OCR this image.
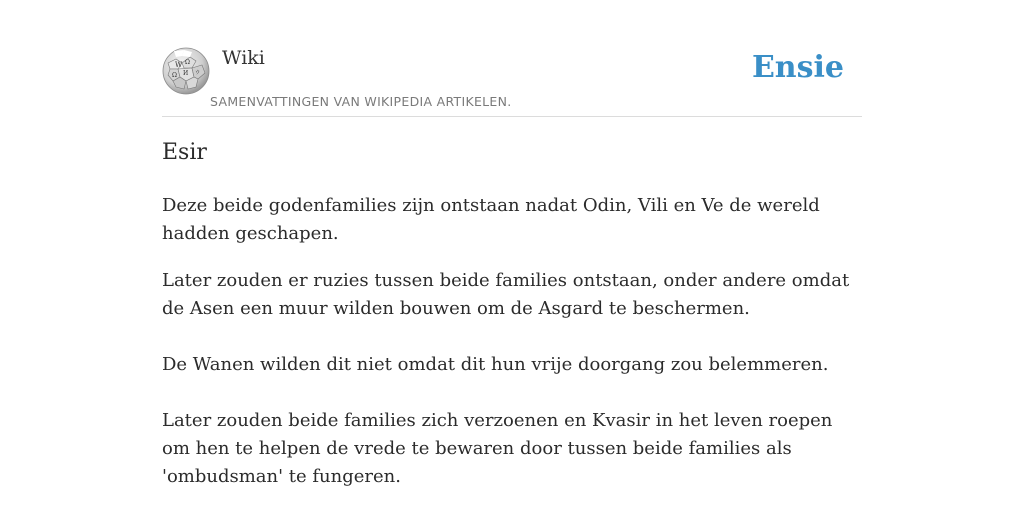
W Ω
И
Ω	ウ
Wiki
SAMENVATTINGEN VAN WIKIPEDIA ARTIKELEN.
Ensie
Esir

Deze beide godenfamilies zijn ontstaan nadat Odin, Vili en Ve de wereld hadden geschapen.

Later zouden er ruzies tussen beide families ontstaan, onder andere omdat de Asen een muur wilden bouwen om de Asgard te beschermen.

De Wanen wilden dit niet omdat dit hun vrije doorgang zou belemmeren.

Later zouden beide families zich verzoenen en Kvasir in het leven roepen om hen te helpen de vrede te bewaren door tussen beide families als 'ombudsman' te fungeren.
